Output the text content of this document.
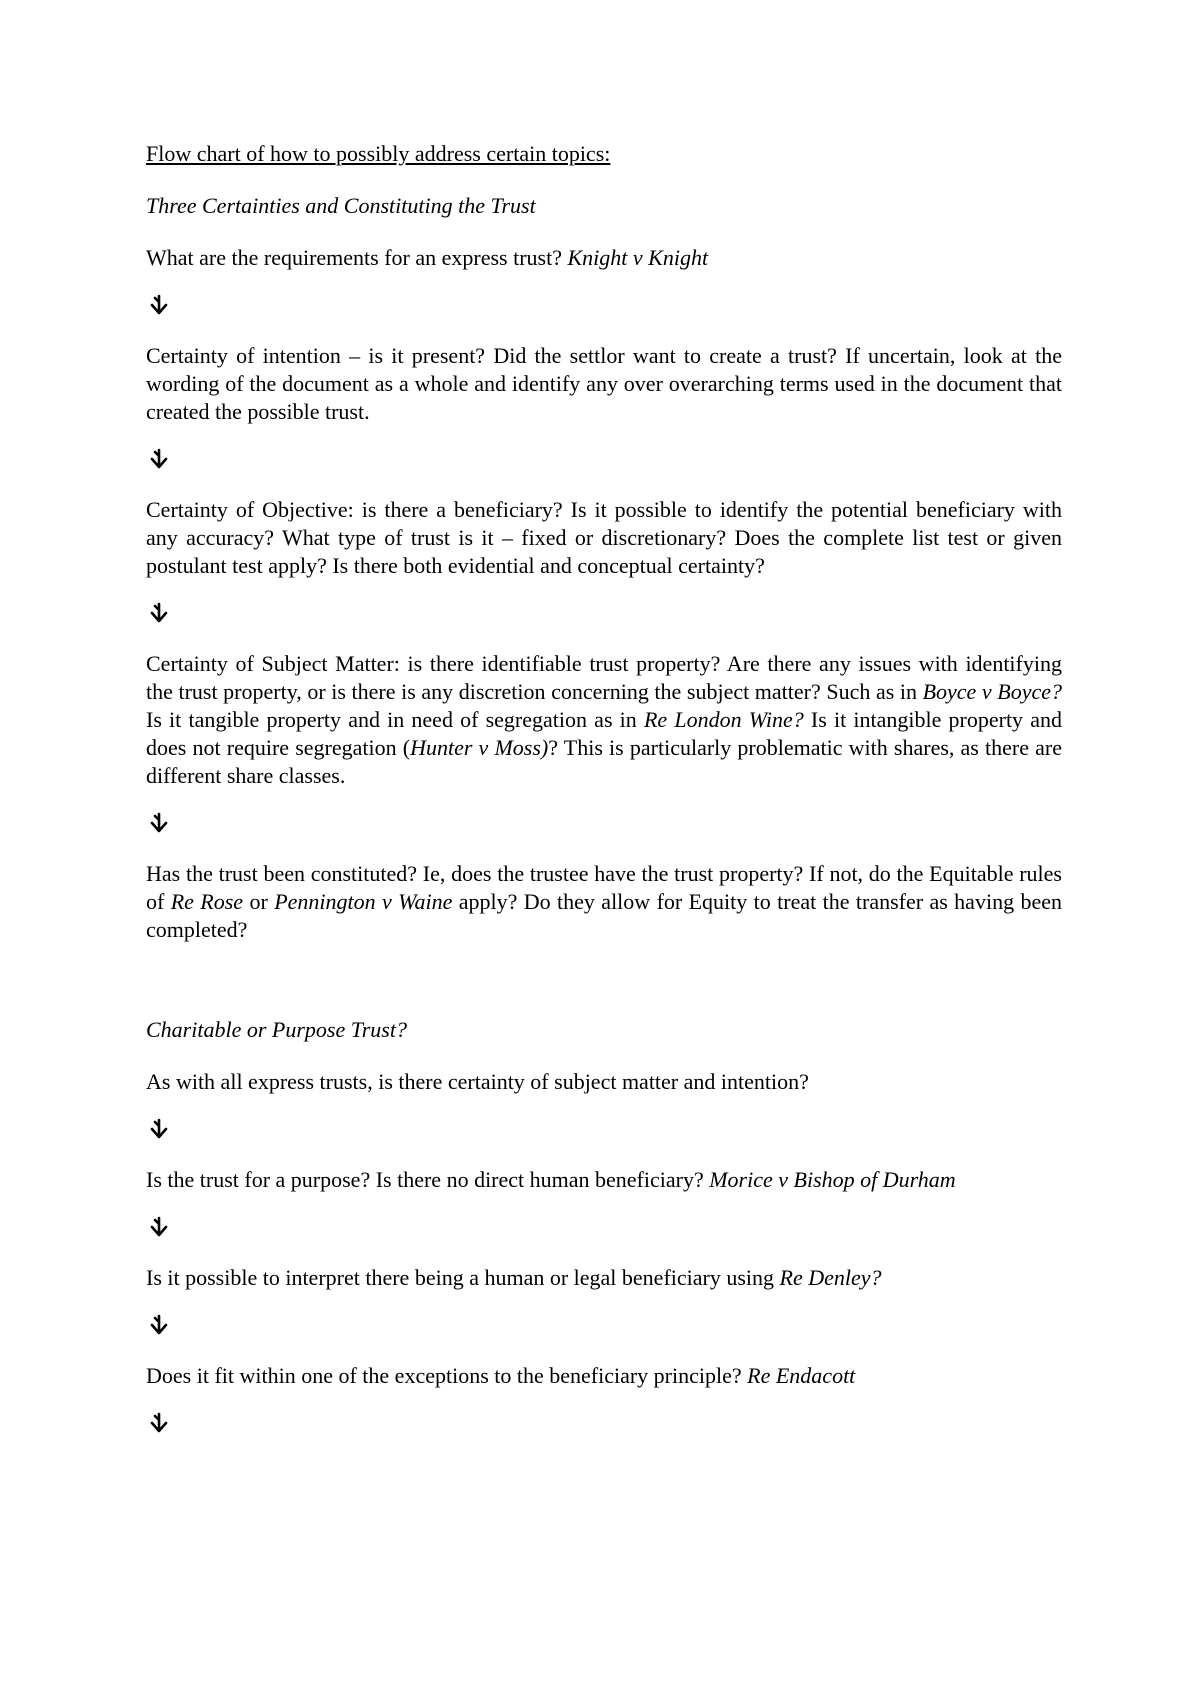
Flow chart of how to possibly address certain topics:

Three Certainties and Constituting the Trust

What are the requirements for an express trust? Knight v Knight

Certainty of intention – is it present? Did the settlor want to create a trust? If uncertain, look at the wording of the document as a whole and identify any over overarching terms used in the document that created the possible trust.

Certainty of Objective: is there a beneficiary? Is it possible to identify the potential beneficiary with any accuracy? What type of trust is it – fixed or discretionary? Does the complete list test or given postulant test apply? Is there both evidential and conceptual certainty?

Certainty of Subject Matter: is there identifiable trust property? Are there any issues with identifying the trust property, or is there is any discretion concerning the subject matter? Such as in Boyce v Boyce? Is it tangible property and in need of segregation as in Re London Wine? Is it intangible property and does not require segregation (Hunter v Moss)? This is particularly problematic with shares, as there are different share classes.

Has the trust been constituted? Ie, does the trustee have the trust property? If not, do the Equitable rules of Re Rose or Pennington v Waine apply? Do they allow for Equity to treat the transfer as having been completed?

Charitable or Purpose Trust?

As with all express trusts, is there certainty of subject matter and intention?

Is the trust for a purpose? Is there no direct human beneficiary? Morice v Bishop of Durham

Is it possible to interpret there being a human or legal beneficiary using Re Denley?

Does it fit within one of the exceptions to the beneficiary principle? Re Endacott
